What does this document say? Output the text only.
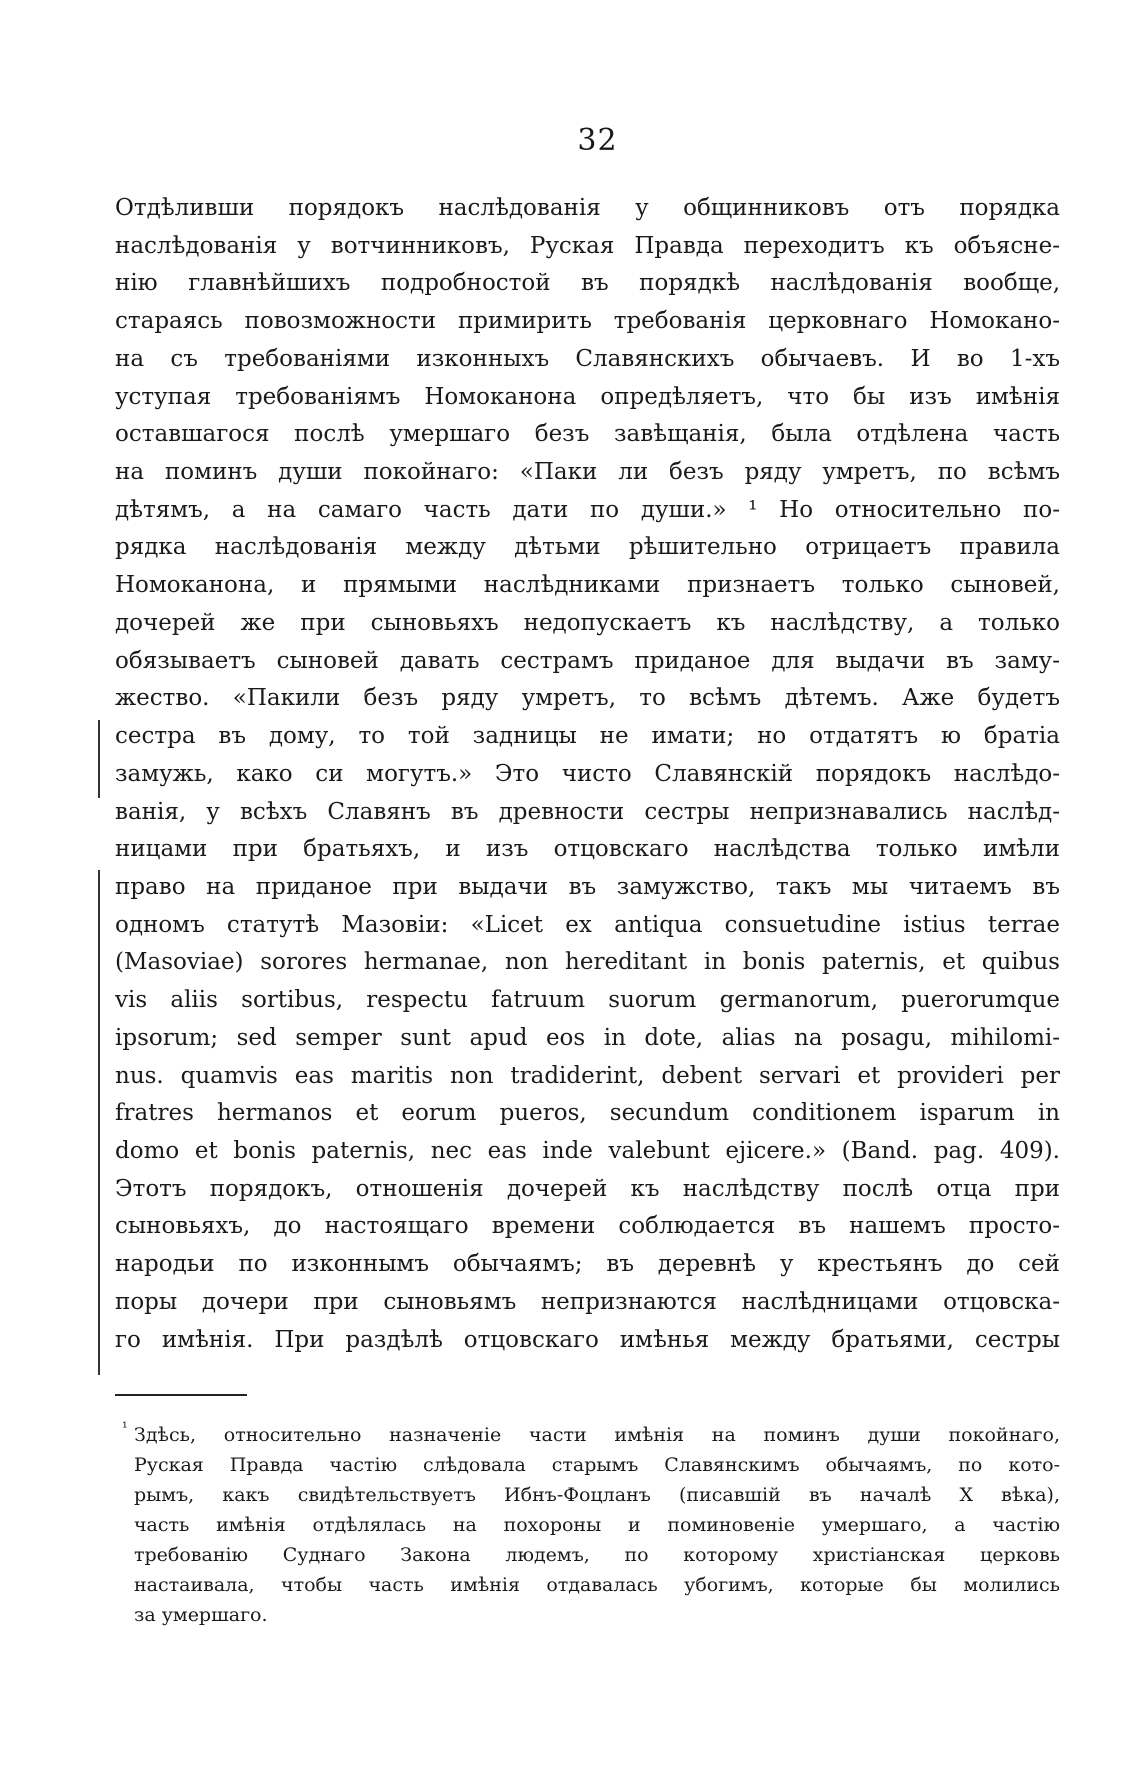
32
Отдѣливши порядокъ наслѣдованія у общинниковъ отъ порядка
наслѣдованія у вотчинниковъ, Руская Правда переходитъ къ объясне-
нію главнѣйшихъ подробностой въ порядкѣ наслѣдованія вообще,
стараясь повозможности примирить требованія церковнаго Номокано-
на съ требованіями изконныхъ Славянскихъ обычаевъ. И во 1-хъ
уступая требованіямъ Номоканона опредѣляетъ, что бы изъ имѣнія
оставшагося послѣ умершаго безъ завѣщанія, была отдѣлена часть
на поминъ души покойнаго: «Паки ли безъ ряду умретъ, по всѣмъ
дѣтямъ, а на самаго часть дати по души.» ¹ Но относительно по-
рядка наслѣдованія между дѣтьми рѣшительно отрицаетъ правила
Номоканона, и прямыми наслѣдниками признаетъ только сыновей,
дочерей же при сыновьяхъ недопускаетъ къ наслѣдству, а только
обязываетъ сыновей давать сестрамъ приданое для выдачи въ заму-
жество. «Пакили безъ ряду умретъ, то всѣмъ дѣтемъ. Аже будетъ
сестра въ дому, то той задницы не имати; но отдатятъ ю братіа
замужь, како си могутъ.» Это чисто Славянскій порядокъ наслѣдо-
ванія, у всѣхъ Славянъ въ древности сестры непризнавались наслѣд-
ницами при братьяхъ, и изъ отцовскаго наслѣдства только имѣли
право на приданое при выдачи въ замужство, такъ мы читаемъ въ
одномъ статутѣ Мазовіи: «Licet ex antiqua consuetudine istius terrae
(Masoviae) sorores hermanae, non hereditant in bonis paternis, et quibus
vis aliis sortibus, respectu fatruum suorum germanorum, puerorumque
ipsorum; sed semper sunt apud eos in dote, alias na posagu, mihilomi-
nus. quamvis eas maritis non tradiderint, debent servari et provideri per
fratres hermanos et eorum pueros, secundum conditionem isparum in
domo et bonis paternis, nec eas inde valebunt ejicere.» (Band. pag. 409).
Этотъ порядокъ, отношенія дочерей къ наслѣдству послѣ отца при
сыновьяхъ, до настоящаго времени соблюдается въ нашемъ просто-
народьи по изконнымъ обычаямъ; въ деревнѣ у крестьянъ до сей
поры дочери при сыновьямъ непризнаются наслѣдницами отцовска-
го имѣнія. При раздѣлѣ отцовскаго имѣнья между братьями, сестры
¹ Здѣсь, относительно назначеніе части имѣнія на поминъ души покойнаго,
Руская Правда частію слѣдовала старымъ Славянскимъ обычаямъ, по кото-
рымъ, какъ свидѣтельствуетъ Ибнъ-Фоцланъ (писавшій въ началѣ X вѣка),
часть имѣнія отдѣлялась на похороны и поминовеніе умершаго, а частію
требованію Суднаго Закона людемъ, по которому христіанская церковь
настаивала, чтобы часть имѣнія отдавалась убогимъ, которые бы молились
за умершаго.
